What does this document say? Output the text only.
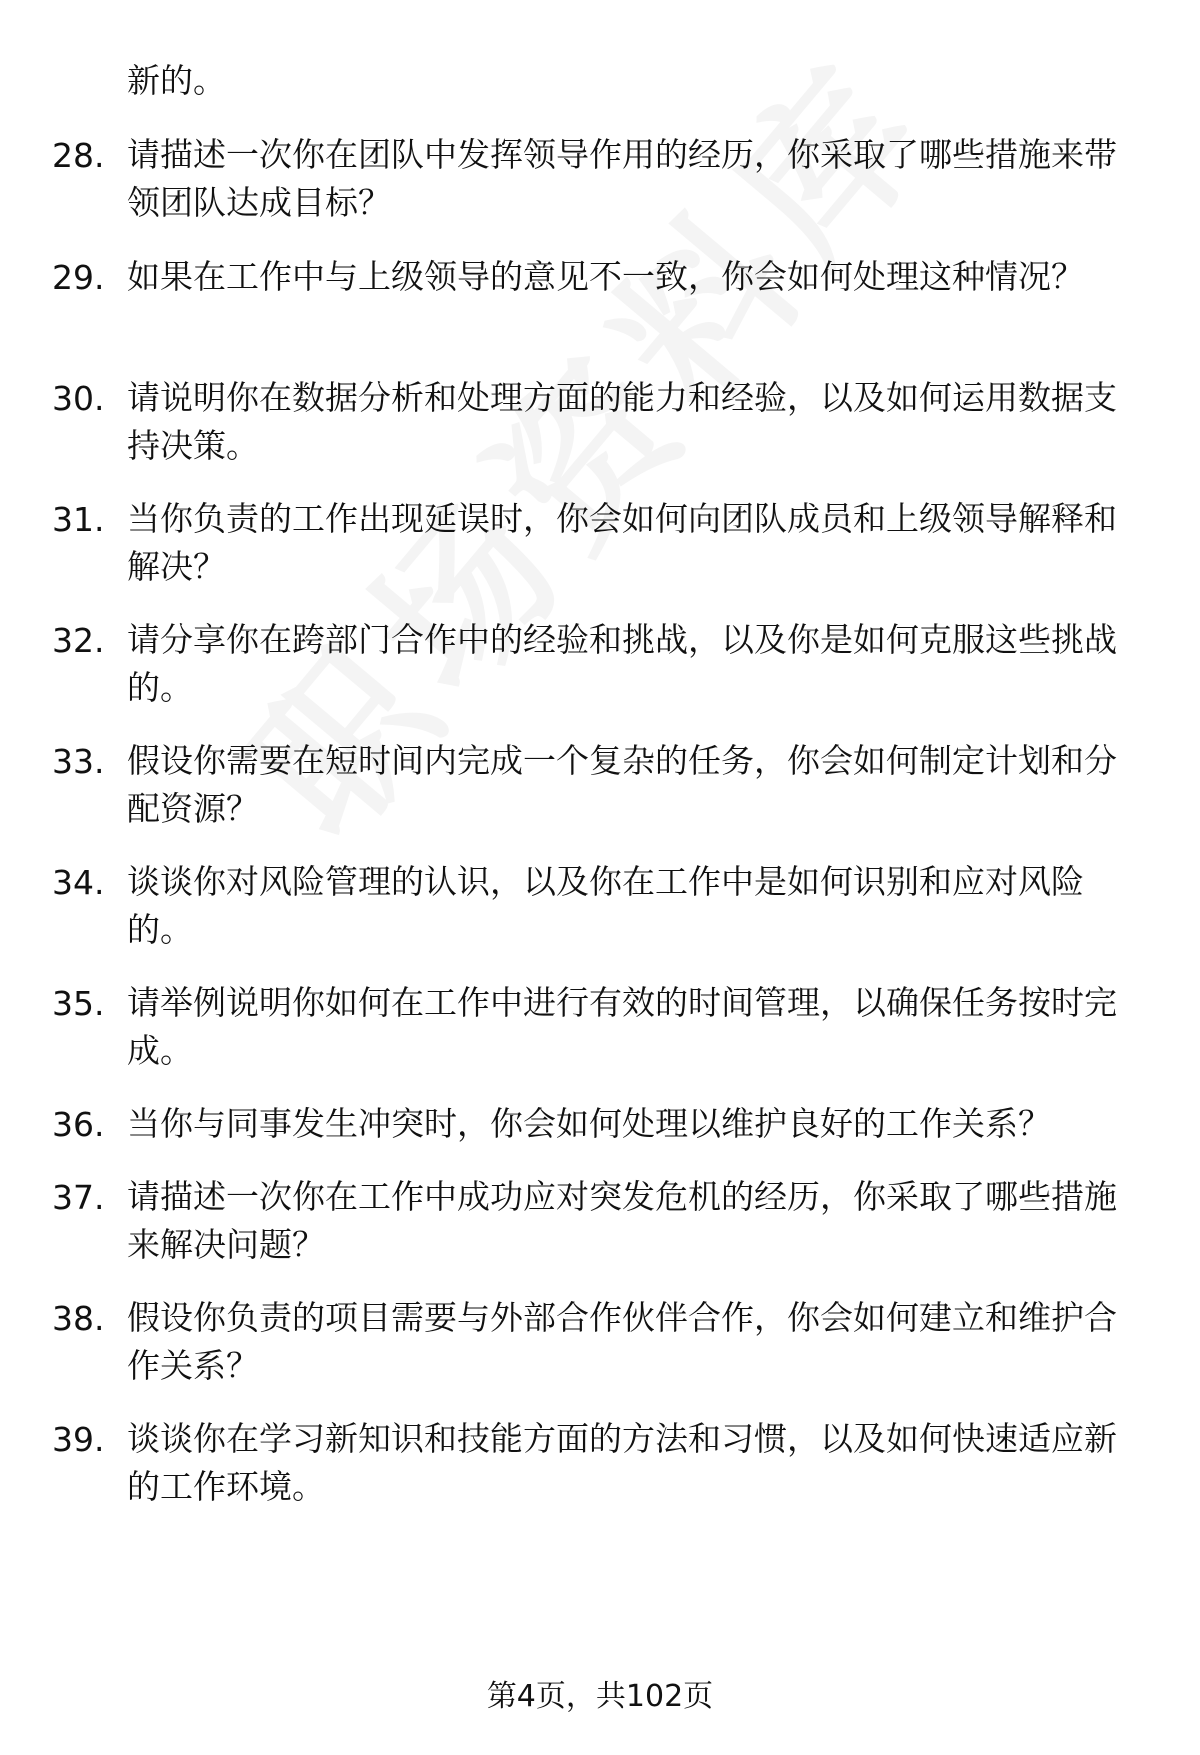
新的。
28. 请描述一次你在团队中发挥领导作用的经历，你采取了哪些措施来带领团队达成目标？
29. 如果在工作中与上级领导的意见不一致，你会如何处理这种情况？
30. 请说明你在数据分析和处理方面的能力和经验，以及如何运用数据支持决策。
31. 当你负责的工作出现延误时，你会如何向团队成员和上级领导解释和解决？
32. 请分享你在跨部门合作中的经验和挑战，以及你是如何克服这些挑战的。
33. 假设你需要在短时间内完成一个复杂的任务，你会如何制定计划和分配资源？
34. 谈谈你对风险管理的认识，以及你在工作中是如何识别和应对风险的。
35. 请举例说明你如何在工作中进行有效的时间管理，以确保任务按时完成。
36. 当你与同事发生冲突时，你会如何处理以维护良好的工作关系？
37. 请描述一次你在工作中成功应对突发危机的经历，你采取了哪些措施来解决问题？
38. 假设你负责的项目需要与外部合作伙伴合作，你会如何建立和维护合作关系？
39. 谈谈你在学习新知识和技能方面的方法和习惯，以及如何快速适应新的工作环境。
第4页，共102页
